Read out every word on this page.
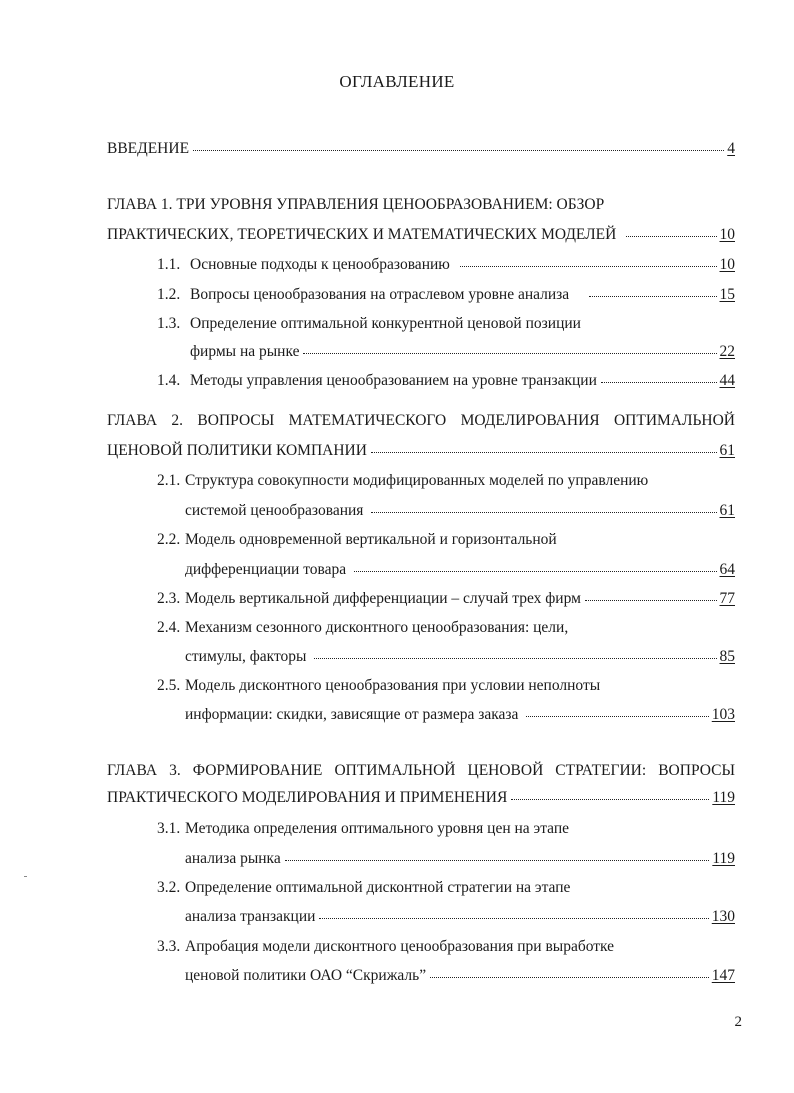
ОГЛАВЛЕНИЕ
ВВЕДЕНИЕ	4
ГЛАВА 1. ТРИ УРОВНЯ УПРАВЛЕНИЯ ЦЕНООБРАЗОВАНИЕМ: ОБЗОР
ПРАКТИЧЕСКИХ, ТЕОРЕТИЧЕСКИХ И МАТЕМАТИЧЕСКИХ МОДЕЛЕЙ	10
1.1. Основные подходы к ценообразованию	10
1.2. Вопросы ценообразования на отраслевом уровне анализа	15
1.3. Определение оптимальной конкурентной ценовой позиции
фирмы на рынке	22
1.4. Методы управления ценообразованием на уровне транзакции	44
ГЛАВА 2. ВОПРОСЫ МАТЕМАТИЧЕСКОГО МОДЕЛИРОВАНИЯ ОПТИМАЛЬНОЙ
ЦЕНОВОЙ ПОЛИТИКИ КОМПАНИИ	61
2.1. Структура совокупности модифицированных моделей по управлению
системой ценообразования	61
2.2. Модель одновременной вертикальной и горизонтальной
дифференциации товара	64
2.3. Модель вертикальной дифференциации – случай трех фирм	77
2.4. Механизм сезонного дисконтного ценообразования: цели,
стимулы, факторы	85
2.5. Модель дисконтного ценообразования при условии неполноты
информации: скидки, зависящие от размера заказа	103
ГЛАВА 3. ФОРМИРОВАНИЕ ОПТИМАЛЬНОЙ ЦЕНОВОЙ СТРАТЕГИИ: ВОПРОСЫ
ПРАКТИЧЕСКОГО МОДЕЛИРОВАНИЯ И ПРИМЕНЕНИЯ	119
3.1. Методика определения оптимального уровня цен на этапе
анализа рынка	119
3.2. Определение оптимальной дисконтной стратегии на этапе
анализа транзакции	130
3.3. Апробация модели дисконтного ценообразования при выработке
ценовой политики ОАО “Скрижаль”	147
2
